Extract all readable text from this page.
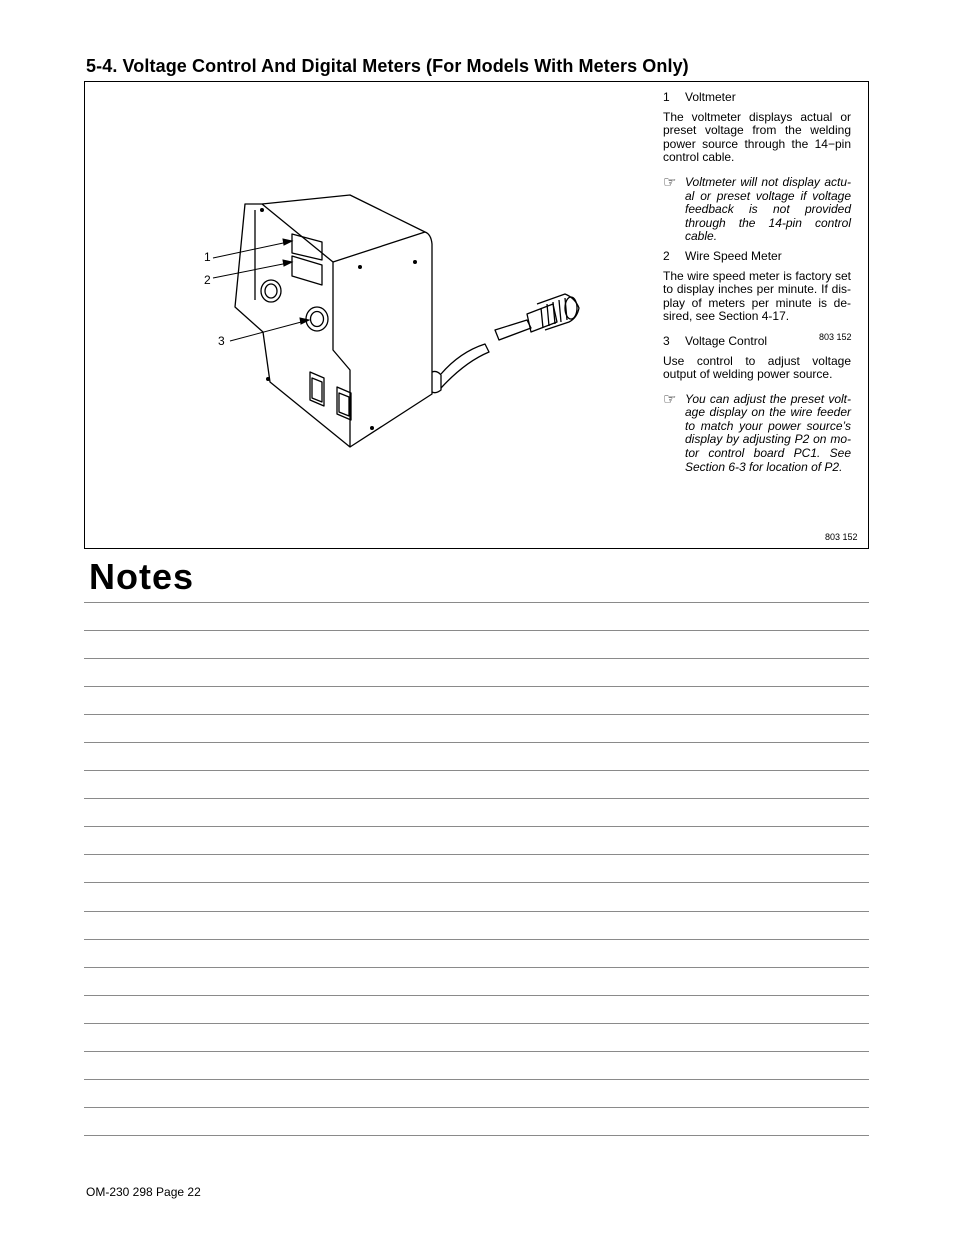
5-4. Voltage Control And Digital Meters (For Models With Meters Only)
1
2
3
1	Voltmeter

The voltmeter displays actual or preset voltage from the welding power source through the 14−pin control cable.

☞ Voltmeter will not display actu-al or preset voltage if voltage feedback is not provided through the 14-pin control cable.
2	Wire Speed Meter

The wire speed meter is factory set to display inches per minute. If dis-play of meters per minute is de-sired, see Section 4-17.

3	Voltage Control

Use control to adjust voltage output of welding power source.

☞ You can adjust the preset volt-age display on the wire feeder to match your power source’s display by adjusting P2 on mo-tor control board PC1. See Section 6-3 for location of P2.
803 152
803 152
Notes
OM-230 298 Page 22
